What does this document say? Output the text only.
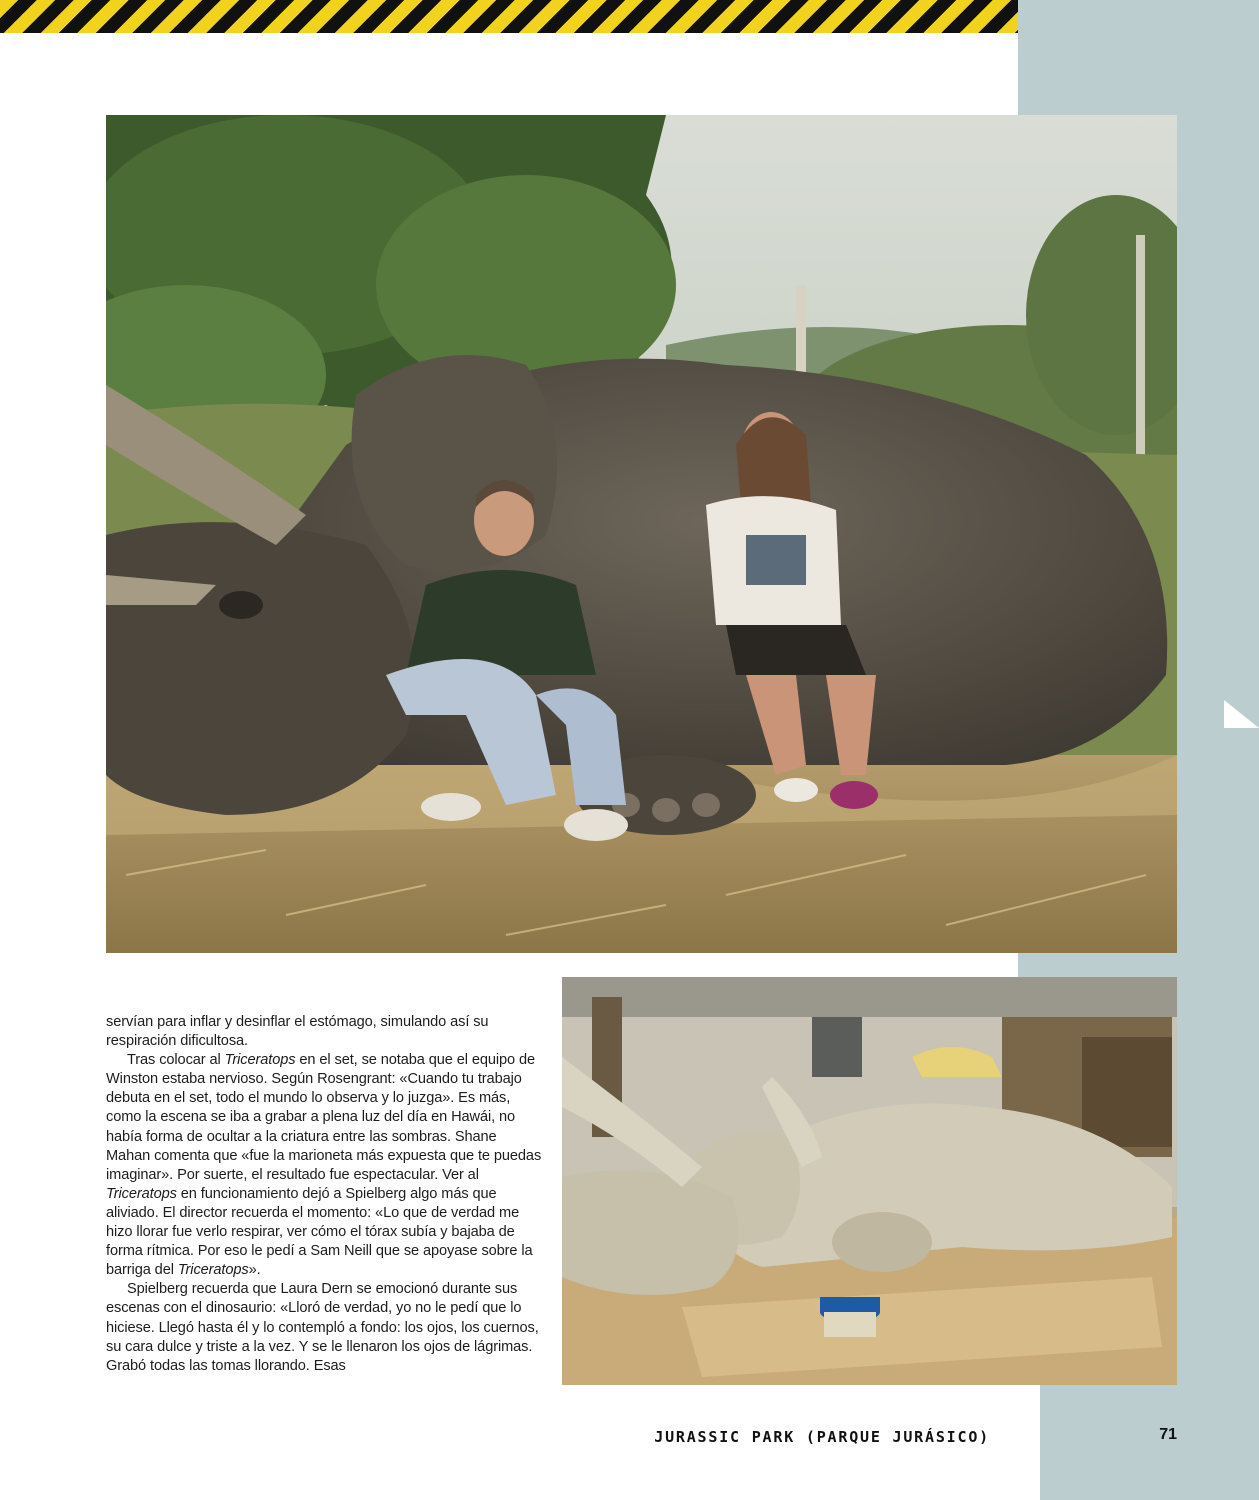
servían para inflar y desinflar el estómago, simulando así su respiración dificultosa.

Tras colocar al Triceratops en el set, se notaba que el equipo de Winston estaba nervioso. Según Rosengrant: «Cuando tu trabajo debuta en el set, todo el mundo lo observa y lo juzga». Es más, como la escena se iba a grabar a plena luz del día en Hawái, no había forma de ocultar a la criatura entre las sombras. Shane Mahan comenta que «fue la marioneta más expuesta que te puedas imaginar». Por suerte, el resultado fue espectacular. Ver al Triceratops en funcionamiento dejó a Spielberg algo más que aliviado. El director recuerda el momento: «Lo que de verdad me hizo llorar fue verlo respirar, ver cómo el tórax subía y bajaba de forma rítmica. Por eso le pedí a Sam Neill que se apoyase sobre la barriga del Triceratops».

Spielberg recuerda que Laura Dern se emocionó durante sus escenas con el dinosaurio: «Lloró de verdad, yo no le pedí que lo hiciese. Llegó hasta él y lo contempló a fondo: los ojos, los cuernos, su cara dulce y triste a la vez. Y se le llenaron los ojos de lágrimas. Grabó todas las tomas llorando. Esas

JURASSIC PARK (PARQUE JURÁSICO)	71
